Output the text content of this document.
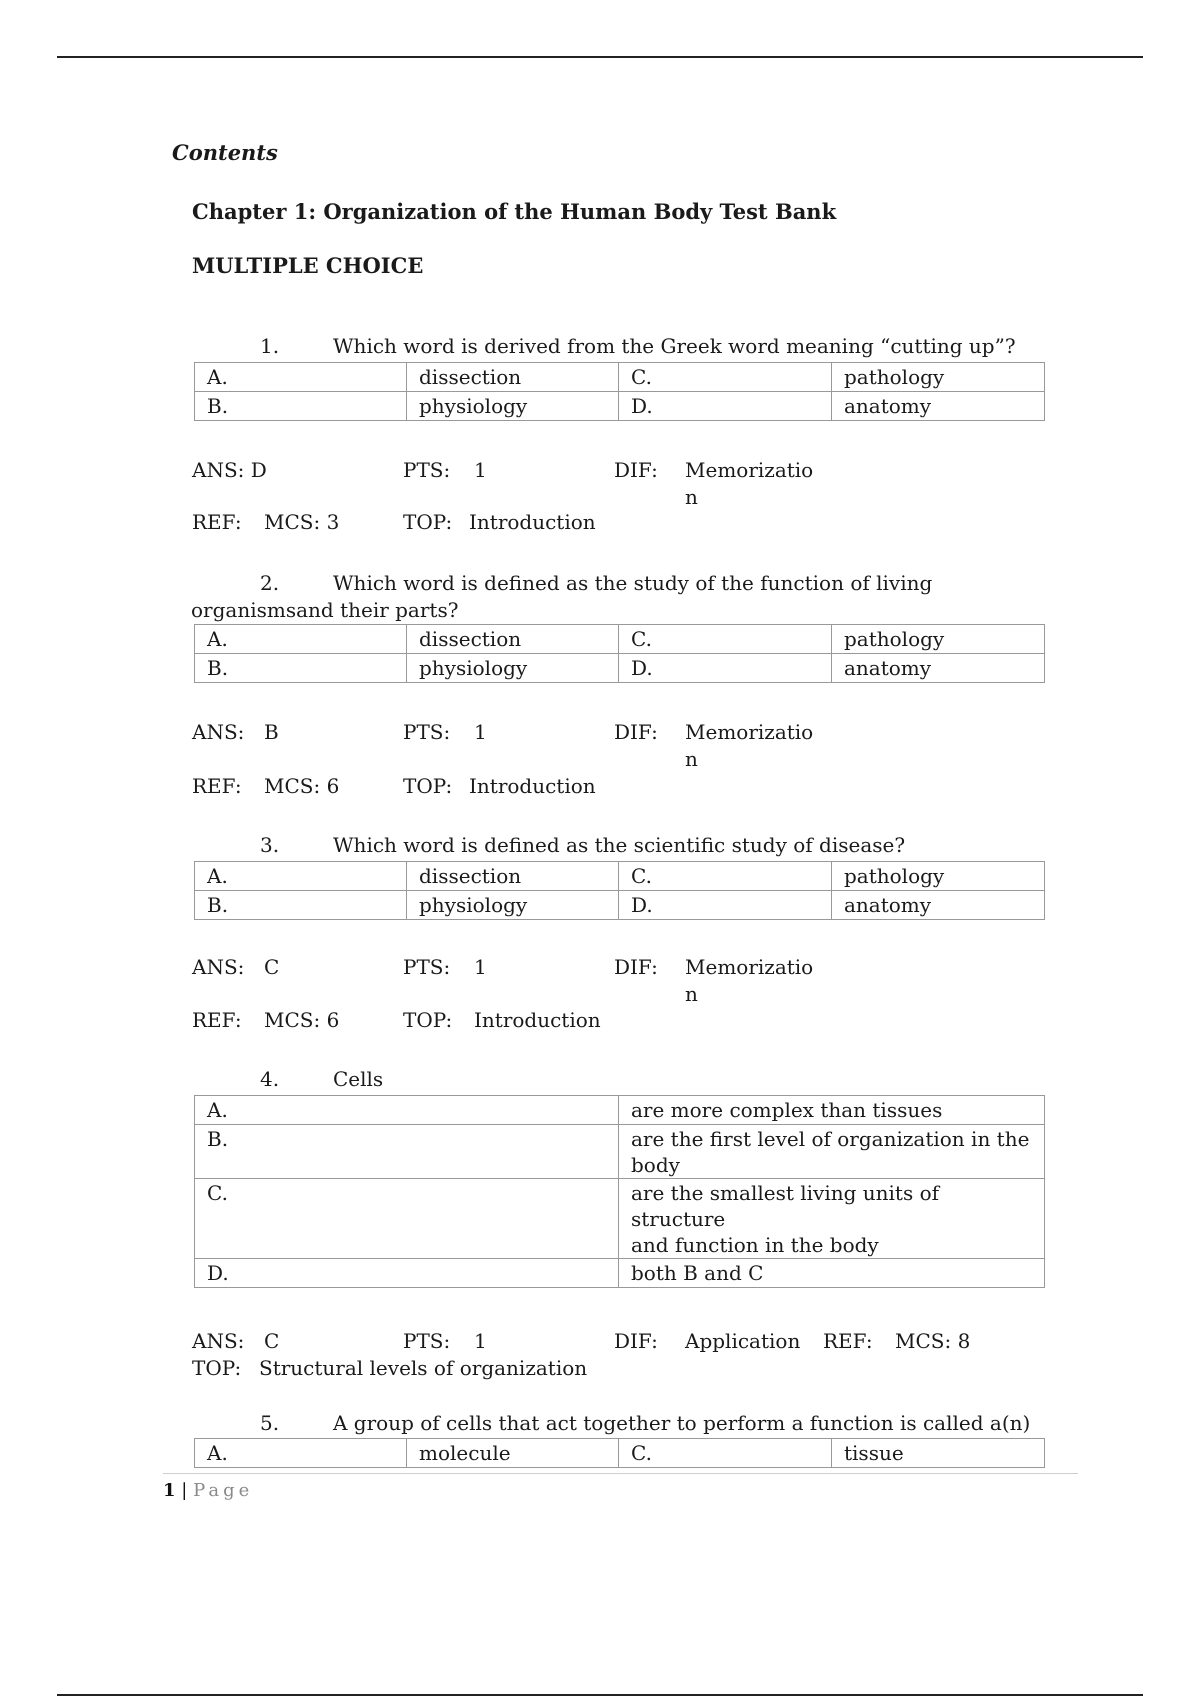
Contents
Chapter 1: Organization of the Human Body Test Bank
MULTIPLE CHOICE
1.	Which word is derived from the Greek word meaning “cutting up”?
A.	dissection	C.	pathology
B.	physiology	D.	anatomy
ANS: D	PTS: 1	DIF: Memorizatio
n
REF: MCS: 3	TOP: Introduction
2.	Which word is defined as the study of the function of living
organismsand their parts?
A.	dissection	C.	pathology
B.	physiology	D.	anatomy
ANS: B	PTS: 1	DIF: Memorizatio
n
REF: MCS: 6	TOP: Introduction
3.	Which word is defined as the scientific study of disease?
A.	dissection	C.	pathology
B.	physiology	D.	anatomy
ANS: C	PTS: 1	DIF: Memorizatio
n
REF: MCS: 6	TOP: Introduction
4.	Cells
A.	are more complex than tissues
B.	are the first level of organization in the
body

C.	are the smallest living units of
structure
and function in the body

D.	both B and C
ANS: C	PTS: 1	DIF: Application REF: MCS: 8
TOP: Structural levels of organization
5.	A group of cells that act together to perform a function is called a(n)
A.	molecule	C.	tissue
1 | Page
